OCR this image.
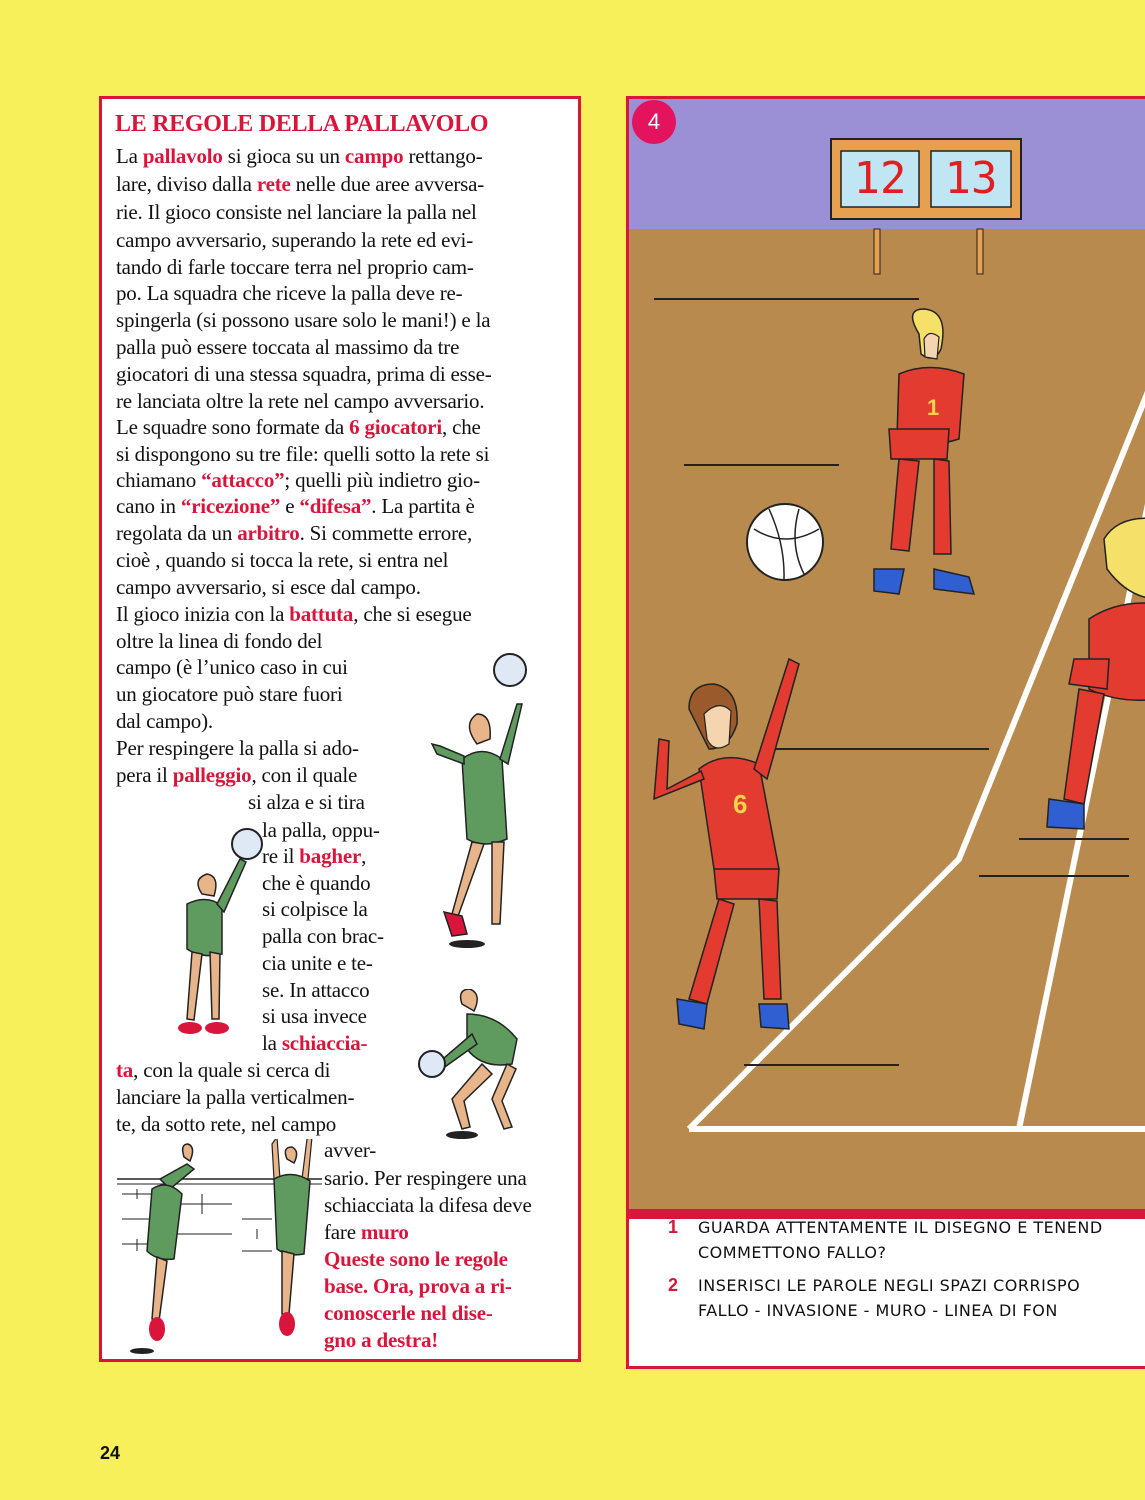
LE REGOLE DELLA PALLAVOLO
La pallavolo si gioca su un campo rettango-
lare, diviso dalla rete nelle due aree avversa-
rie. Il gioco consiste nel lanciare la palla nel
campo avversario, superando la rete ed evi-
tando di farle toccare terra nel proprio cam-
po. La squadra che riceve la palla deve re-
spingerla (si possono usare solo le mani!) e la
palla può essere toccata al massimo da tre
giocatori di una stessa squadra, prima di esse-
re lanciata oltre la rete nel campo avversario.
Le squadre sono formate da 6 giocatori, che
si dispongono su tre file: quelli sotto la rete si
chiamano “attacco”; quelli più indietro gio-
cano in “ricezione” e “difesa”. La partita è
regolata da un arbitro. Si commette errore,
cioè , quando si tocca la rete, si entra nel
campo avversario, si esce dal campo.
Il gioco inizia con la battuta, che si esegue
oltre la linea di fondo del
campo (è l’unico caso in cui
un giocatore può stare fuori
dal campo).
Per respingere la palla si ado-
pera il palleggio, con il quale
si alza e si tira
la palla, oppu-
re il bagher,
che è quando
si colpisce la
palla con brac-
cia unite e te-
se. In attacco
si usa invece
la schiaccia-
ta, con la quale si cerca di
lanciare la palla verticalmen-
te, da sotto rete, nel campo
avver-
sario. Per respingere una
schiacciata la difesa deve
fare muro
Queste sono le regole
base. Ora, prova a ri-
conoscerle nel dise-
gno a destra!
12 13
1
6
4
1 GUARDA ATTENTAMENTE IL DISEGNO E TENEND
COMMETTONO FALLO?
2 INSERISCI LE PAROLE NEGLI SPAZI CORRISPO
FALLO - INVASIONE - MURO - LINEA DI FON
24
